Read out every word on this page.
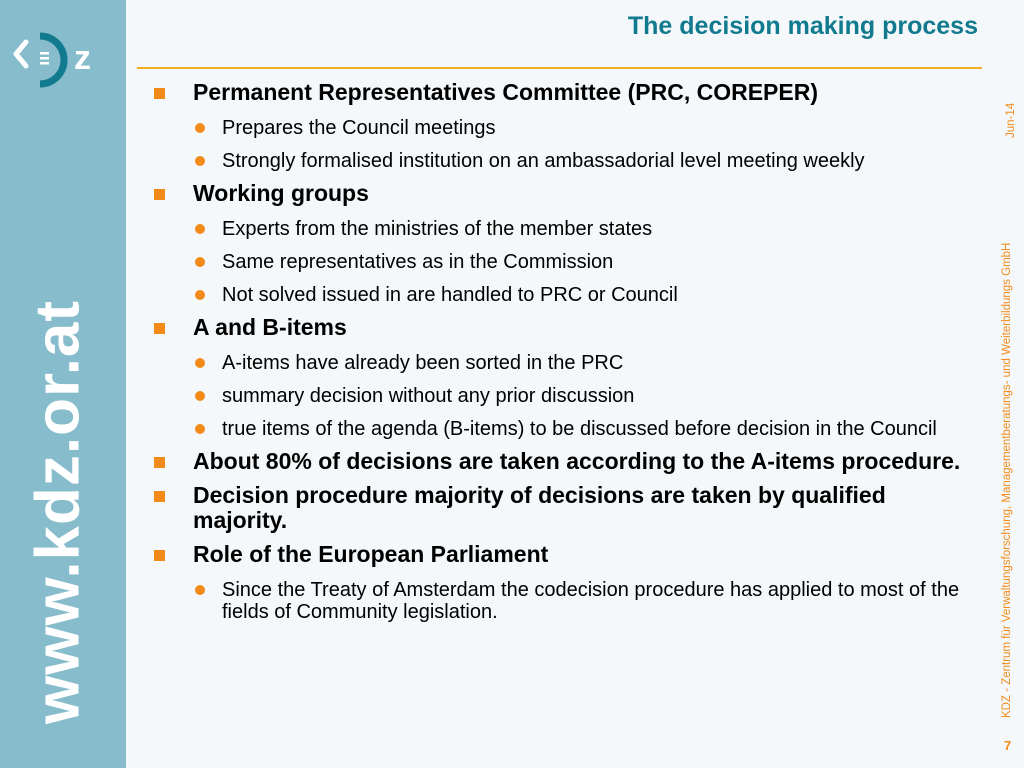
z
www.kdz.or.at
The decision making process
Permanent Representatives Committee (PRC, COREPER)
Prepares the Council meetings
Strongly formalised institution on an ambassadorial level meeting weekly
Working groups
Experts from the ministries of the member states
Same representatives as in the Commission
Not solved issued in are handled to PRC or Council
A and B-items
A-items have already been sorted in the PRC
summary decision without any prior discussion
true items of the agenda (B-items) to be discussed before decision in the Council
About 80% of decisions are taken according to the A-items procedure.
Decision procedure majority of decisions are taken by qualified majority.
Role of the European Parliament
Since the Treaty of Amsterdam the codecision procedure has applied to most of the fields of Community legislation.
Jun-14
KDZ - Zentrum für Verwaltungsforschung, Managementberatungs- und Weiterbildungs GmbH
7
